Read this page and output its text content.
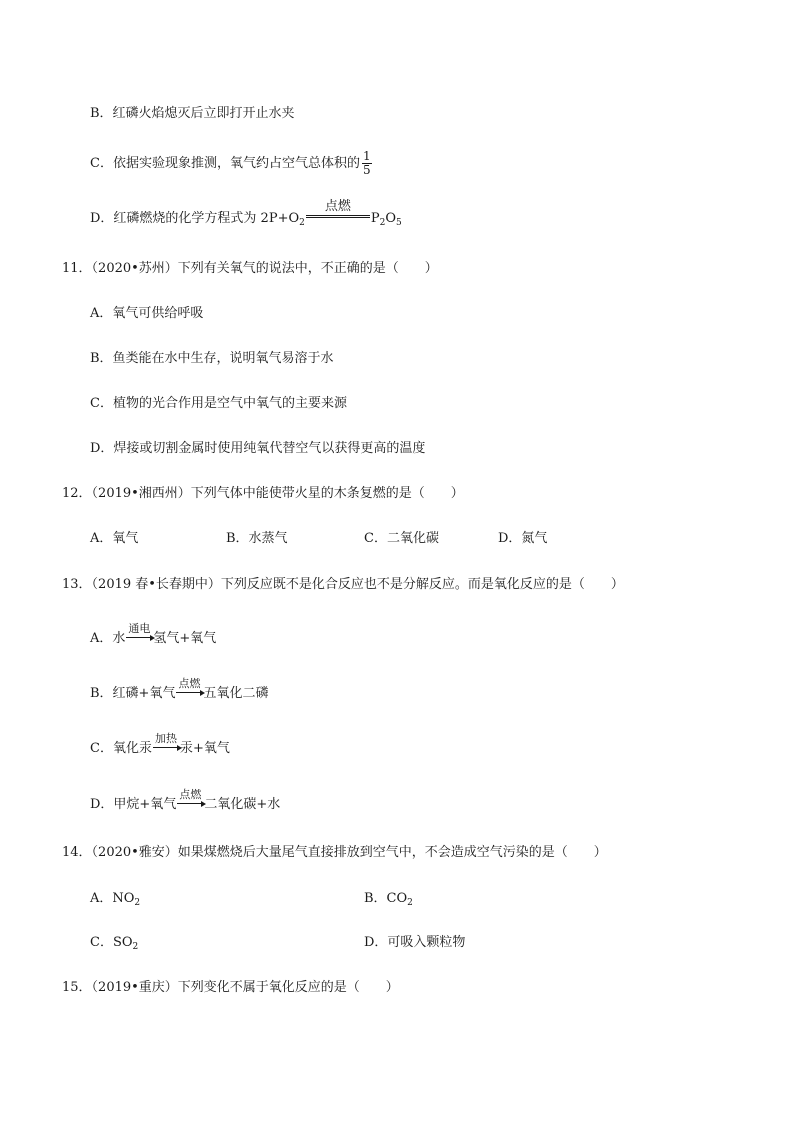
B．红磷火焰熄灭后立即打开止水夹
C．依据实验现象推测，氧气约占空气总体积的 $\frac{1}{5}$
D．红磷燃烧的化学方程式为 $2P+O_2$
点燃
$P_2O_5$
11．（2020•苏州）下列有关氧气的说法中，不正确的是（　　）
A．氧气可供给呼吸
B．鱼类能在水中生存，说明氧气易溶于水
C．植物的光合作用是空气中氧气的主要来源
D．焊接或切割金属时使用纯氧代替空气以获得更高的温度
12．（2019•湘西州）下列气体中能使带火星的木条复燃的是（　　）
A．氧气	B．水蒸气	C．二氧化碳	D．氮气
13．（2019 春•长春期中）下列反应既不是化合反应也不是分解反应。而是氧化反应的是（　　）
A．水
通电
氢气+氧气
B．红磷+氧气
点燃
五氧化二磷
C．氧化汞
加热
汞+氧气
D．甲烷+氧气
点燃
二氧化碳+水
14．（2020•雅安）如果煤燃烧后大量尾气直接排放到空气中，不会造成空气污染的是（　　）
A．$NO_2$	B．$CO_2$
C．$SO_2$	D．可吸入颗粒物
15．（2019•重庆）下列变化不属于氧化反应的是（　　）
